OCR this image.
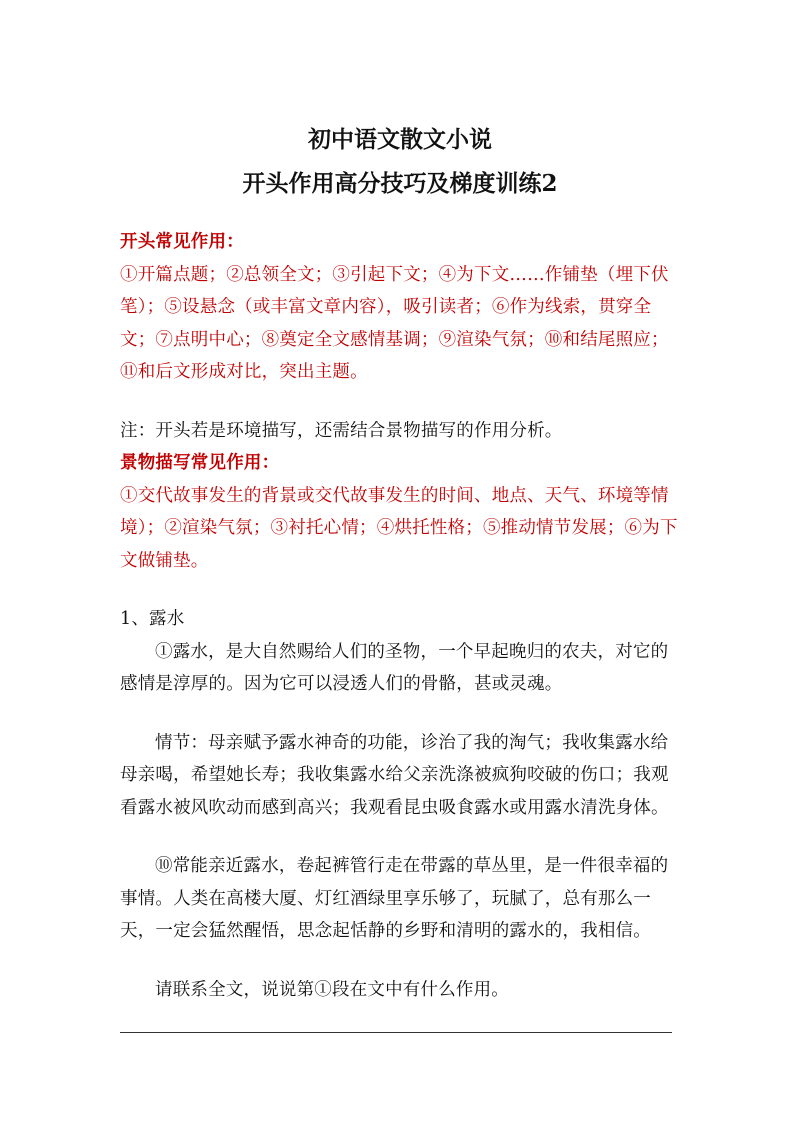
初中语文散文小说
开头作用高分技巧及梯度训练2

开头常见作用：

①开篇点题；②总领全文；③引起下文；④为下文……作铺垫（埋下伏笔）；⑤设悬念（或丰富文章内容），吸引读者；⑥作为线索，贯穿全文；⑦点明中心；⑧奠定全文感情基调；⑨渲染气氛；⑩和结尾照应；⑪和后文形成对比，突出主题。

注：开头若是环境描写，还需结合景物描写的作用分析。

景物描写常见作用：

①交代故事发生的背景或交代故事发生的时间、地点、天气、环境等情境）；②渲染气氛；③衬托心情；④烘托性格；⑤推动情节发展；⑥为下文做铺垫。

1、露水

①露水，是大自然赐给人们的圣物，一个早起晚归的农夫，对它的感情是淳厚的。因为它可以浸透人们的骨骼，甚或灵魂。

情节：母亲赋予露水神奇的功能，诊治了我的淘气；我收集露水给母亲喝，希望她长寿；我收集露水给父亲洗涤被疯狗咬破的伤口；我观看露水被风吹动而感到高兴；我观看昆虫吸食露水或用露水清洗身体。

⑩常能亲近露水，卷起裤管行走在带露的草丛里，是一件很幸福的事情。人类在高楼大厦、灯红酒绿里享乐够了，玩腻了，总有那么一天，一定会猛然醒悟，思念起恬静的乡野和清明的露水的，我相信。

请联系全文，说说第①段在文中有什么作用。
